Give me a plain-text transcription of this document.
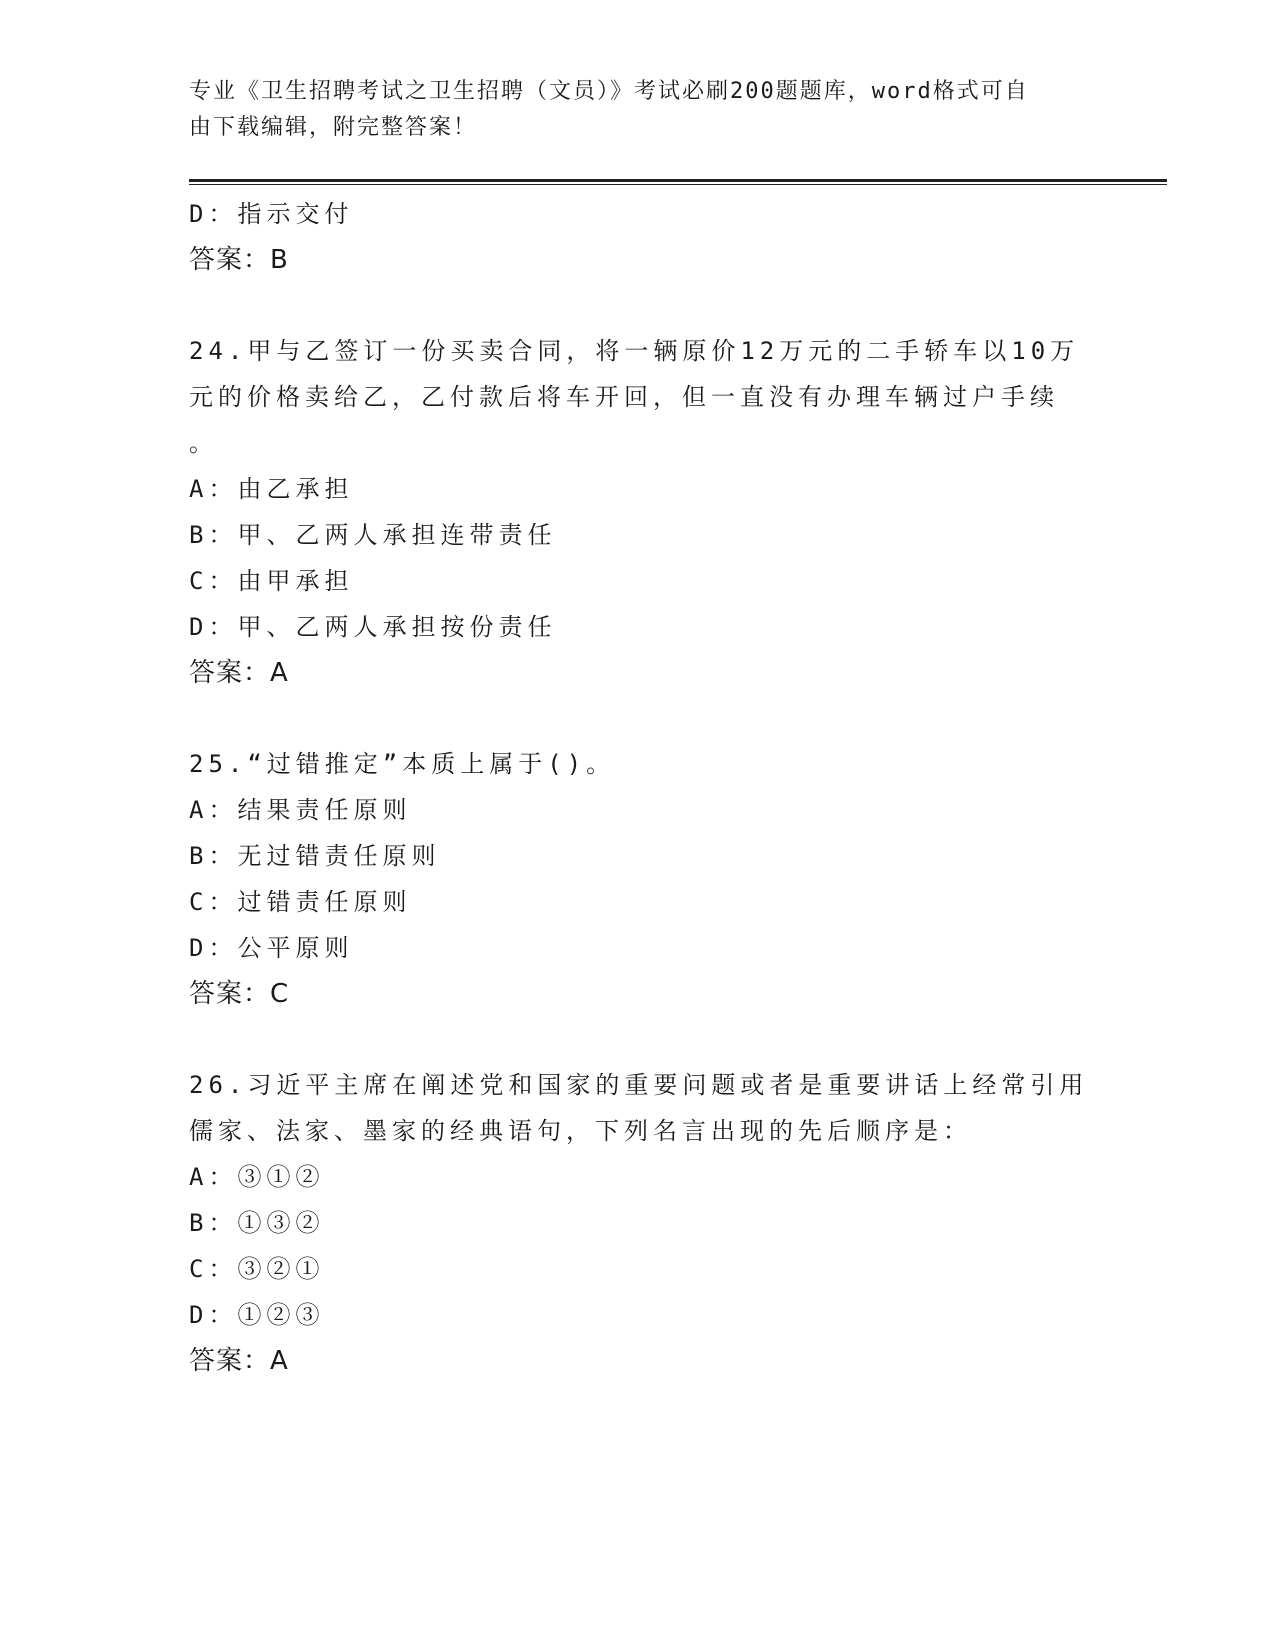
专业《卫生招聘考试之卫生招聘（文员）》考试必刷200题题库，word格式可自
由下载编辑，附完整答案！
D：指示交付
答案：B
24.甲与乙签订一份买卖合同，将一辆原价12万元的二手轿车以10万
元的价格卖给乙，乙付款后将车开回，但一直没有办理车辆过户手续
。
A：由乙承担
B：甲、乙两人承担连带责任
C：由甲承担
D：甲、乙两人承担按份责任
答案：A
25.“过错推定”本质上属于()。
A：结果责任原则
B：无过错责任原则
C：过错责任原则
D：公平原则
答案：C
26.习近平主席在阐述党和国家的重要问题或者是重要讲话上经常引用
儒家、法家、墨家的经典语句，下列名言出现的先后顺序是：
A：③①②
B：①③②
C：③②①
D：①②③
答案：A
